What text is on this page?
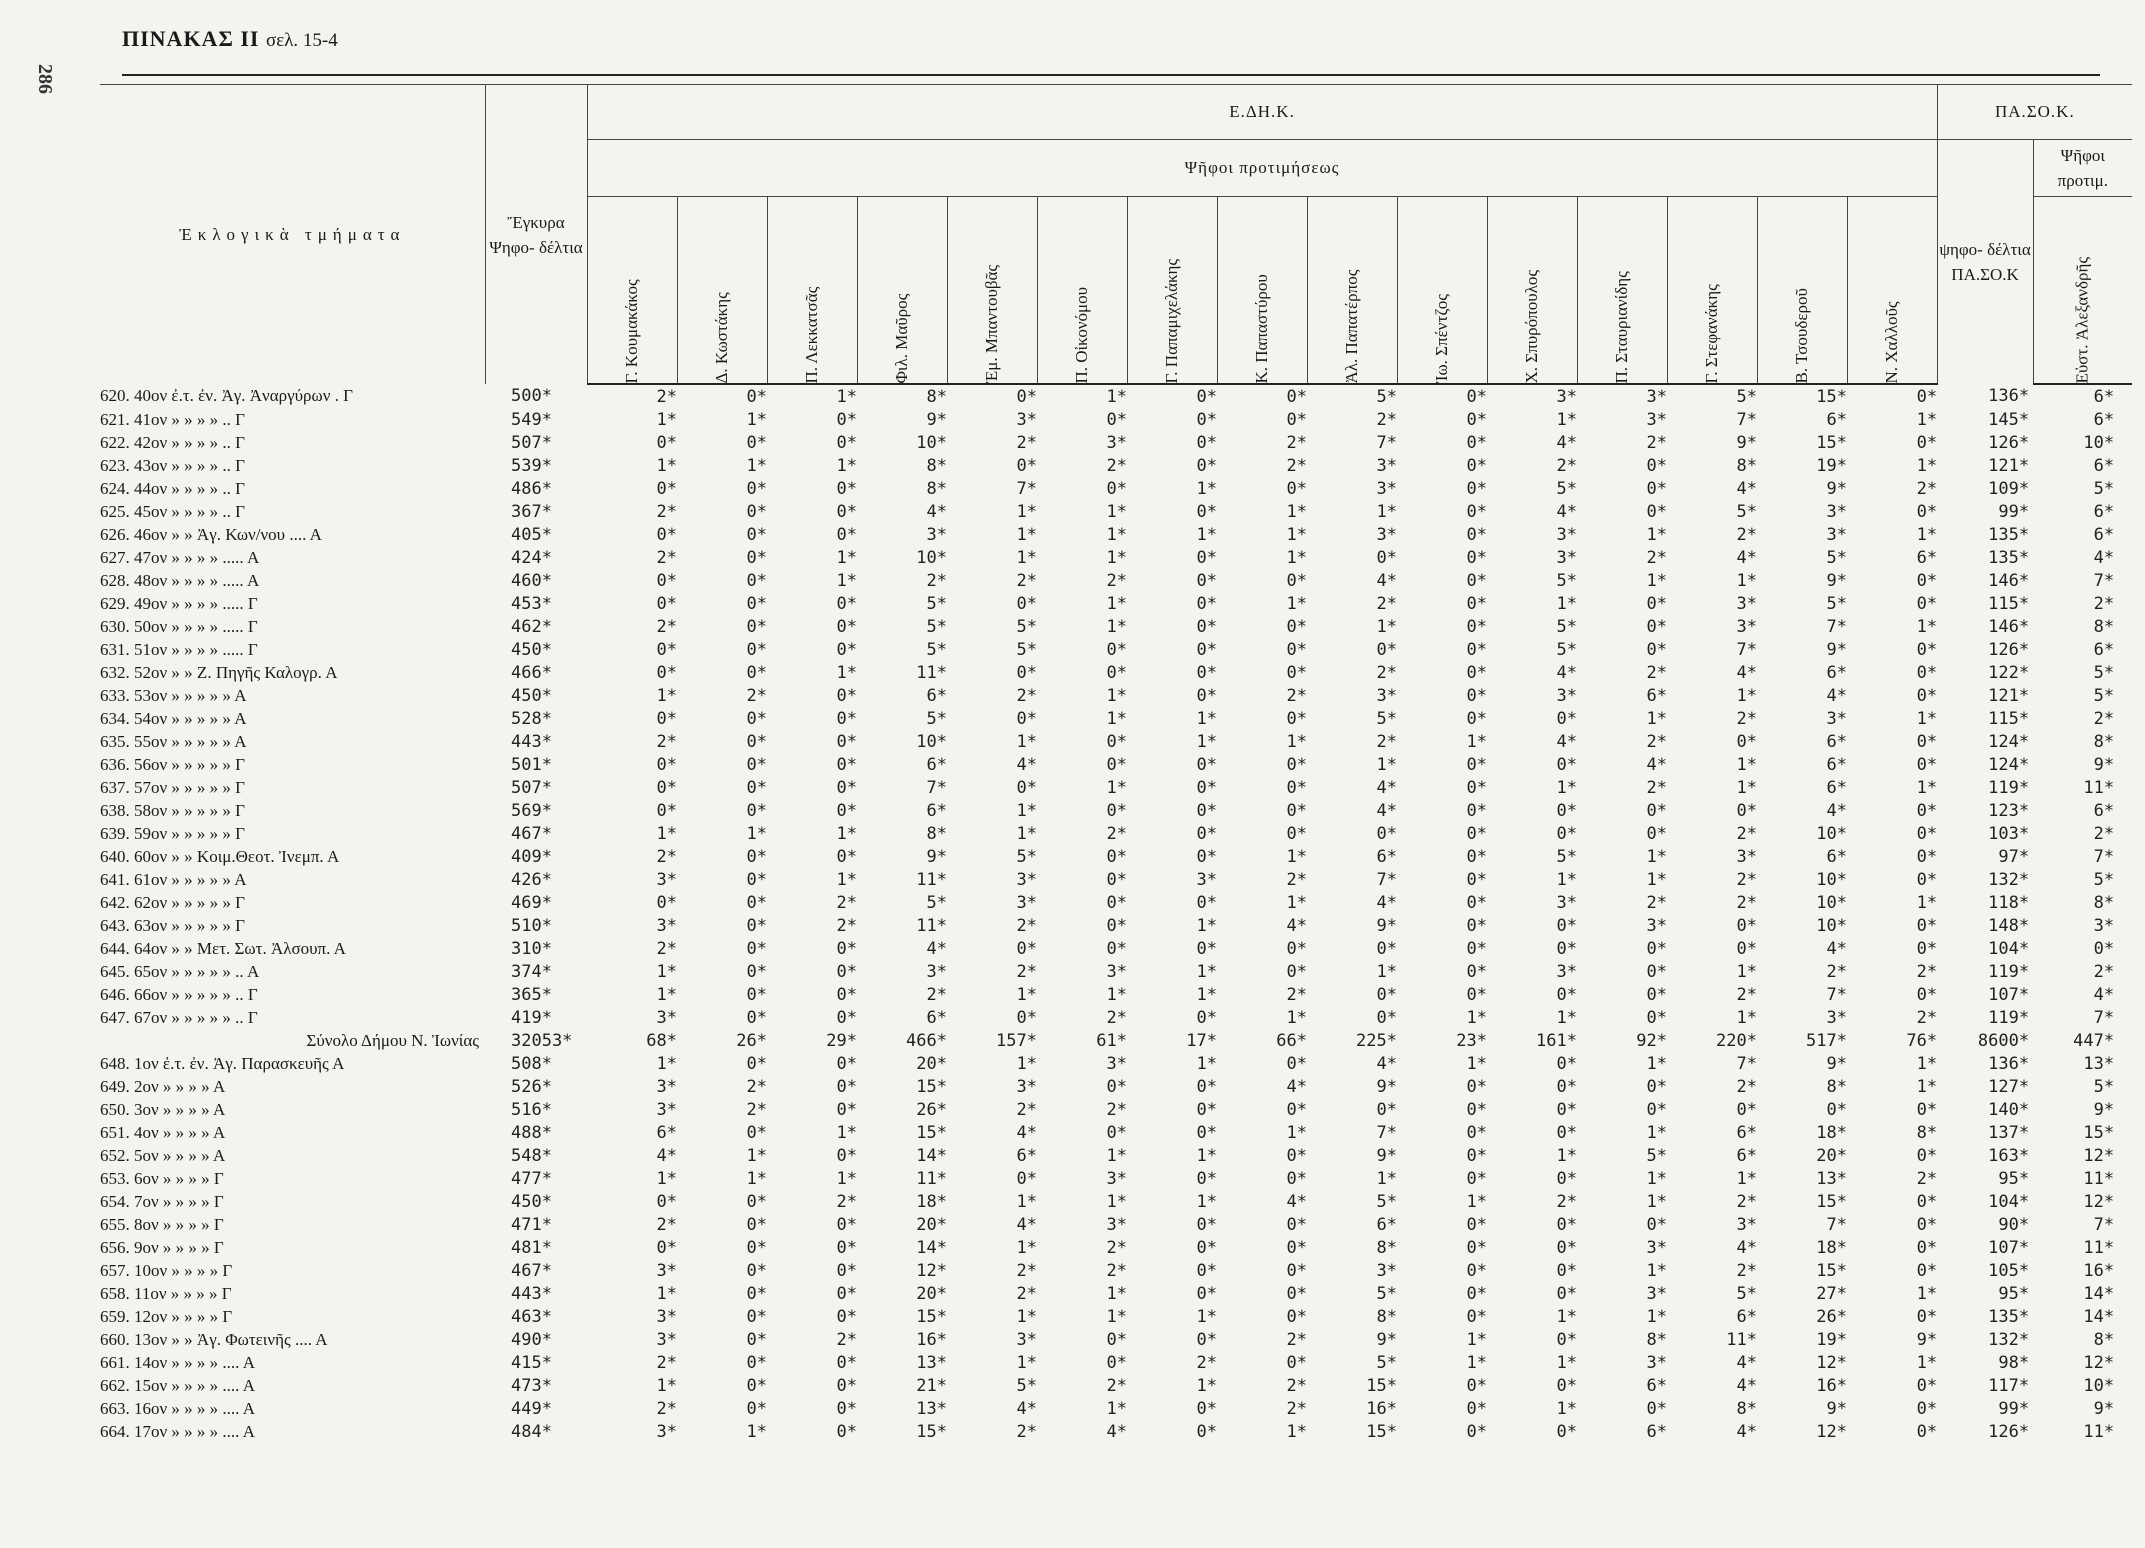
ΠΙΝΑΚΑΣ II σελ. 15-4
286
Ἐκλογικὰ τμήματα	Ἔγκυρα Ψηφο- δέλτια	Ε.ΔΗ.Κ.															ΠΑ.ΣΟ.Κ.	
		Ψῆφοι προτιμήσεως															ψηφο- δέλτια ΠΑ.ΣΟ.Κ	Ψῆφοι προτιμ.
		Γ. Κουμακάκος	Δ. Κωστάκης	Π. Λεκκατσᾶς	Φιλ. Μαῦρος	Ἐμ. Μπαντουβᾶς	Π. Οἰκονόμου	Γ. Παπαμιχελάκης	Κ. Παπαστύρου	Ἀλ. Παπατέρπος	Ἰω. Σπέντζος	Χ. Σπυρόπουλος	Π. Σταυριανίδης	Γ. Στεφανάκης	Β. Τσουδεροῦ	Ν. Χαλλοῦς		Εὐστ. Ἀλεξανδρῆς
620. 40ον ἐ.τ. ἐν. Ἀγ. Ἀναργύρων . Γ	500*	2*	0*	1*	8*	0*	1*	0*	0*	5*	0*	3*	3*	5*	15*	0*	136*	6*
621. 41ον » » » » .. Γ	549*	1*	1*	0*	9*	3*	0*	0*	0*	2*	0*	1*	3*	7*	6*	1*	145*	6*
622. 42ον » » » » .. Γ	507*	0*	0*	0*	10*	2*	3*	0*	2*	7*	0*	4*	2*	9*	15*	0*	126*	10*
623. 43ον » » » » .. Γ	539*	1*	1*	1*	8*	0*	2*	0*	2*	3*	0*	2*	0*	8*	19*	1*	121*	6*
624. 44ον » » » » .. Γ	486*	0*	0*	0*	8*	7*	0*	1*	0*	3*	0*	5*	0*	4*	9*	2*	109*	5*
625. 45ον » » » » .. Γ	367*	2*	0*	0*	4*	1*	1*	0*	1*	1*	0*	4*	0*	5*	3*	0*	99*	6*
626. 46ον » » Ἀγ. Κων/νου .... Α	405*	0*	0*	0*	3*	1*	1*	1*	1*	3*	0*	3*	1*	2*	3*	1*	135*	6*
627. 47ον » » » » ..... Α	424*	2*	0*	1*	10*	1*	1*	0*	1*	0*	0*	3*	2*	4*	5*	6*	135*	4*
628. 48ον » » » » ..... Α	460*	0*	0*	1*	2*	2*	2*	0*	0*	4*	0*	5*	1*	1*	9*	0*	146*	7*
629. 49ον » » » » ..... Γ	453*	0*	0*	0*	5*	0*	1*	0*	1*	2*	0*	1*	0*	3*	5*	0*	115*	2*
630. 50ον » » » » ..... Γ	462*	2*	0*	0*	5*	5*	1*	0*	0*	1*	0*	5*	0*	3*	7*	1*	146*	8*
631. 51ον » » » » ..... Γ	450*	0*	0*	0*	5*	5*	0*	0*	0*	0*	0*	5*	0*	7*	9*	0*	126*	6*
632. 52ον » » Ζ. Πηγῆς Καλογρ. Α	466*	0*	0*	1*	11*	0*	0*	0*	0*	2*	0*	4*	2*	4*	6*	0*	122*	5*
633. 53ον » » » » » Α	450*	1*	2*	0*	6*	2*	1*	0*	2*	3*	0*	3*	6*	1*	4*	0*	121*	5*
634. 54ον » » » » » Α	528*	0*	0*	0*	5*	0*	1*	1*	0*	5*	0*	0*	1*	2*	3*	1*	115*	2*
635. 55ον » » » » » Α	443*	2*	0*	0*	10*	1*	0*	1*	1*	2*	1*	4*	2*	0*	6*	0*	124*	8*
636. 56ον » » » » » Γ	501*	0*	0*	0*	6*	4*	0*	0*	0*	1*	0*	0*	4*	1*	6*	0*	124*	9*
637. 57ον » » » » » Γ	507*	0*	0*	0*	7*	0*	1*	0*	0*	4*	0*	1*	2*	1*	6*	1*	119*	11*
638. 58ον » » » » » Γ	569*	0*	0*	0*	6*	1*	0*	0*	0*	4*	0*	0*	0*	0*	4*	0*	123*	6*
639. 59ον » » » » » Γ	467*	1*	1*	1*	8*	1*	2*	0*	0*	0*	0*	0*	0*	2*	10*	0*	103*	2*
640. 60ον » » Κοιμ.Θεοτ. Ἰνεμπ. Α	409*	2*	0*	0*	9*	5*	0*	0*	1*	6*	0*	5*	1*	3*	6*	0*	97*	7*
641. 61ον » » » » » Α	426*	3*	0*	1*	11*	3*	0*	3*	2*	7*	0*	1*	1*	2*	10*	0*	132*	5*
642. 62ον » » » » » Γ	469*	0*	0*	2*	5*	3*	0*	0*	1*	4*	0*	3*	2*	2*	10*	1*	118*	8*
643. 63ον » » » » » Γ	510*	3*	0*	2*	11*	2*	0*	1*	4*	9*	0*	0*	3*	0*	10*	0*	148*	3*
644. 64ον » » Μετ. Σωτ. Ἀλσουπ. Α	310*	2*	0*	0*	4*	0*	0*	0*	0*	0*	0*	0*	0*	0*	4*	0*	104*	0*
645. 65ον » » » » » .. Α	374*	1*	0*	0*	3*	2*	3*	1*	0*	1*	0*	3*	0*	1*	2*	2*	119*	2*
646. 66ον » » » » » .. Γ	365*	1*	0*	0*	2*	1*	1*	1*	2*	0*	0*	0*	0*	2*	7*	0*	107*	4*
647. 67ον » » » » » .. Γ	419*	3*	0*	0*	6*	0*	2*	0*	1*	0*	1*	1*	0*	1*	3*	2*	119*	7*
Σύνολο Δήμου Ν. Ἰωνίας	32053*	68*	26*	29*	466*	157*	61*	17*	66*	225*	23*	161*	92*	220*	517*	76*	8600*	447*
648. 1ον ἐ.τ. ἐν. Ἀγ. Παρασκευῆς Α	508*	1*	0*	0*	20*	1*	3*	1*	0*	4*	1*	0*	1*	7*	9*	1*	136*	13*
649. 2ον » » » » Α	526*	3*	2*	0*	15*	3*	0*	0*	4*	9*	0*	0*	0*	2*	8*	1*	127*	5*
650. 3ον » » » » Α	516*	3*	2*	0*	26*	2*	2*	0*	0*	0*	0*	0*	0*	0*	0*	0*	140*	9*
651. 4ον » » » » Α	488*	6*	0*	1*	15*	4*	0*	0*	1*	7*	0*	0*	1*	6*	18*	8*	137*	15*
652. 5ον » » » » Α	548*	4*	1*	0*	14*	6*	1*	1*	0*	9*	0*	1*	5*	6*	20*	0*	163*	12*
653. 6ον » » » » Γ	477*	1*	1*	1*	11*	0*	3*	0*	0*	1*	0*	0*	1*	1*	13*	2*	95*	11*
654. 7ον » » » » Γ	450*	0*	0*	2*	18*	1*	1*	1*	4*	5*	1*	2*	1*	2*	15*	0*	104*	12*
655. 8ον » » » » Γ	471*	2*	0*	0*	20*	4*	3*	0*	0*	6*	0*	0*	0*	3*	7*	0*	90*	7*
656. 9ον » » » » Γ	481*	0*	0*	0*	14*	1*	2*	0*	0*	8*	0*	0*	3*	4*	18*	0*	107*	11*
657. 10ον » » » » Γ	467*	3*	0*	0*	12*	2*	2*	0*	0*	3*	0*	0*	1*	2*	15*	0*	105*	16*
658. 11ον » » » » Γ	443*	1*	0*	0*	20*	2*	1*	0*	0*	5*	0*	0*	3*	5*	27*	1*	95*	14*
659. 12ον » » » » Γ	463*	3*	0*	0*	15*	1*	1*	1*	0*	8*	0*	1*	1*	6*	26*	0*	135*	14*
660. 13ον » » Ἀγ. Φωτεινῆς .... Α	490*	3*	0*	2*	16*	3*	0*	0*	2*	9*	1*	0*	8*	11*	19*	9*	132*	8*
661. 14ον » » » » .... Α	415*	2*	0*	0*	13*	1*	0*	2*	0*	5*	1*	1*	3*	4*	12*	1*	98*	12*
662. 15ον » » » » .... Α	473*	1*	0*	0*	21*	5*	2*	1*	2*	15*	0*	0*	6*	4*	16*	0*	117*	10*
663. 16ον » » » » .... Α	449*	2*	0*	0*	13*	4*	1*	0*	2*	16*	0*	1*	0*	8*	9*	0*	99*	9*
664. 17ον » » » » .... Α	484*	3*	1*	0*	15*	2*	4*	0*	1*	15*	0*	0*	6*	4*	12*	0*	126*	11*
